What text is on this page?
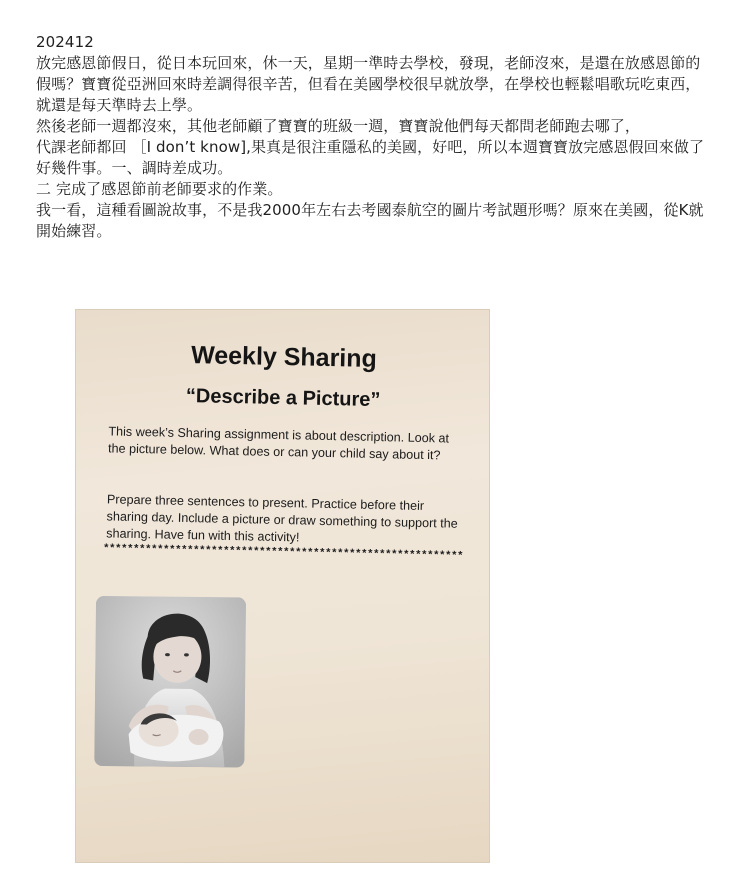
202412

放完感恩節假日，從日本玩回來，休一天，星期一準時去學校，發現，老師沒來，是還在放感恩節的假嗎？寶寶從亞洲回來時差調得很辛苦，但看在美國學校很早就放學，在學校也輕鬆唱歌玩吃東西，就還是每天準時去上學。

然後老師一週都沒來，其他老師顧了寶寶的班級一週，寶寶說他們每天都問老師跑去哪了，

代課老師都回 ［I don’t know],果真是很注重隱私的美國，好吧，所以本週寶寶放完感恩假回來做了好幾件事。一、調時差成功。

二 完成了感恩節前老師要求的作業。

我一看，這種看圖說故事，不是我2000年左右去考國泰航空的圖片考試題形嗎？原來在美國，從K就開始練習。

Weekly Sharing
“Describe a Picture”

This week’s Sharing assignment is about description. Look at the picture below. What does or can your child say about it?

Prepare three sentences to present. Practice before their sharing day. Include a picture or draw something to support the sharing. Have fun with this activity!

************************************************************
